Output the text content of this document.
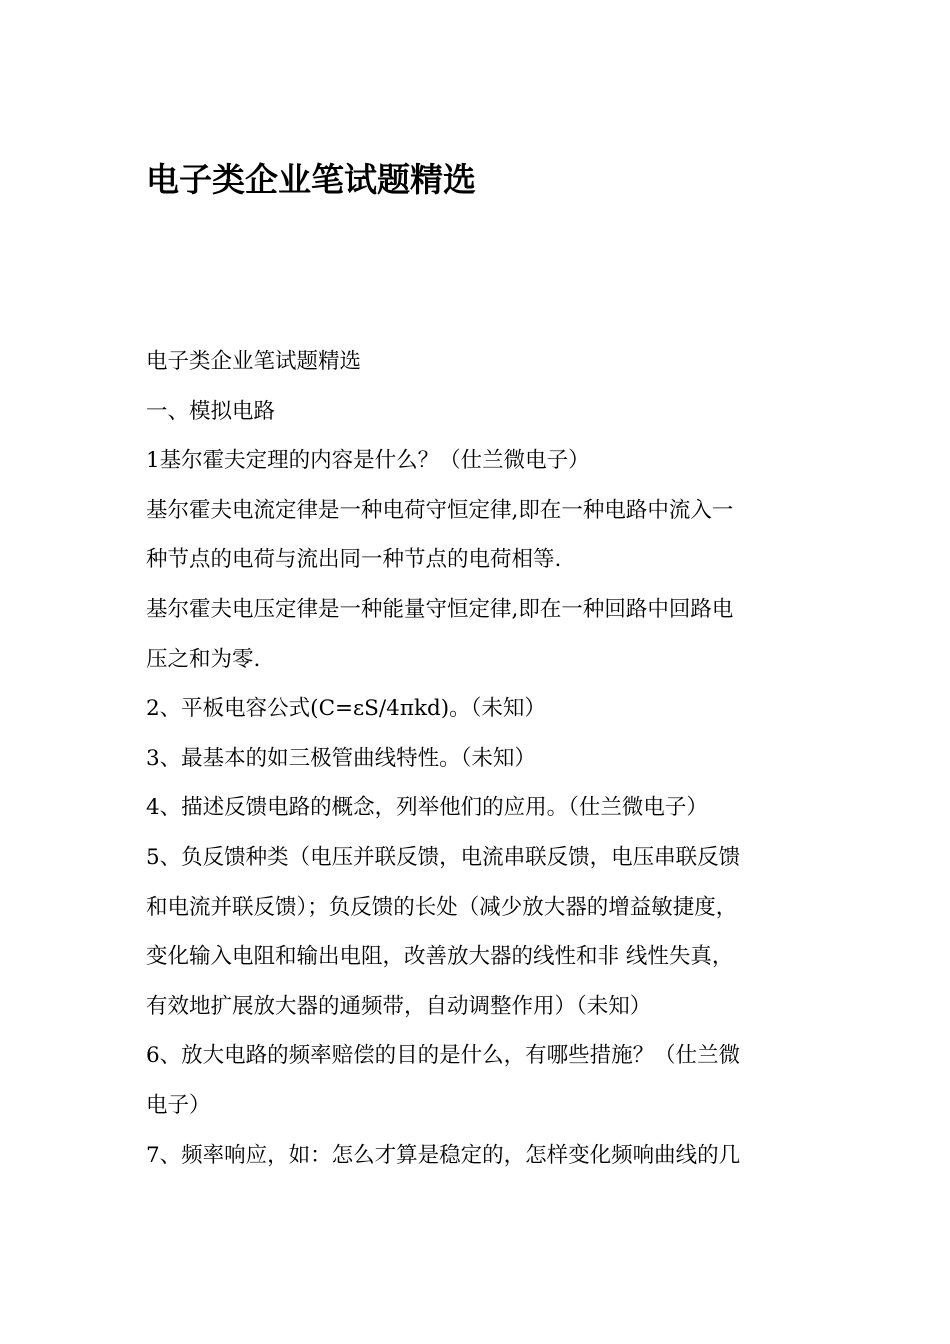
电子类企业笔试题精选
电子类企业笔试题精选
一、模拟电路
1基尔霍夫定理的内容是什么？（仕兰微电子）
基尔霍夫电流定律是一种电荷守恒定律,即在一种电路中流入一
种节点的电荷与流出同一种节点的电荷相等.
基尔霍夫电压定律是一种能量守恒定律,即在一种回路中回路电
压之和为零.
2、平板电容公式(C=εS/4πkd)。（未知）
3、最基本的如三极管曲线特性。（未知）
4、描述反馈电路的概念，列举他们的应用。（仕兰微电子）
5、负反馈种类（电压并联反馈，电流串联反馈，电压串联反馈
和电流并联反馈）；负反馈的长处（减少放大器的增益敏捷度，
变化输入电阻和输出电阻，改善放大器的线性和非 线性失真，
有效地扩展放大器的通频带，自动调整作用）（未知）
6、放大电路的频率赔偿的目的是什么，有哪些措施？（仕兰微
电子）
7、频率响应，如：怎么才算是稳定的，怎样变化频响曲线的几
